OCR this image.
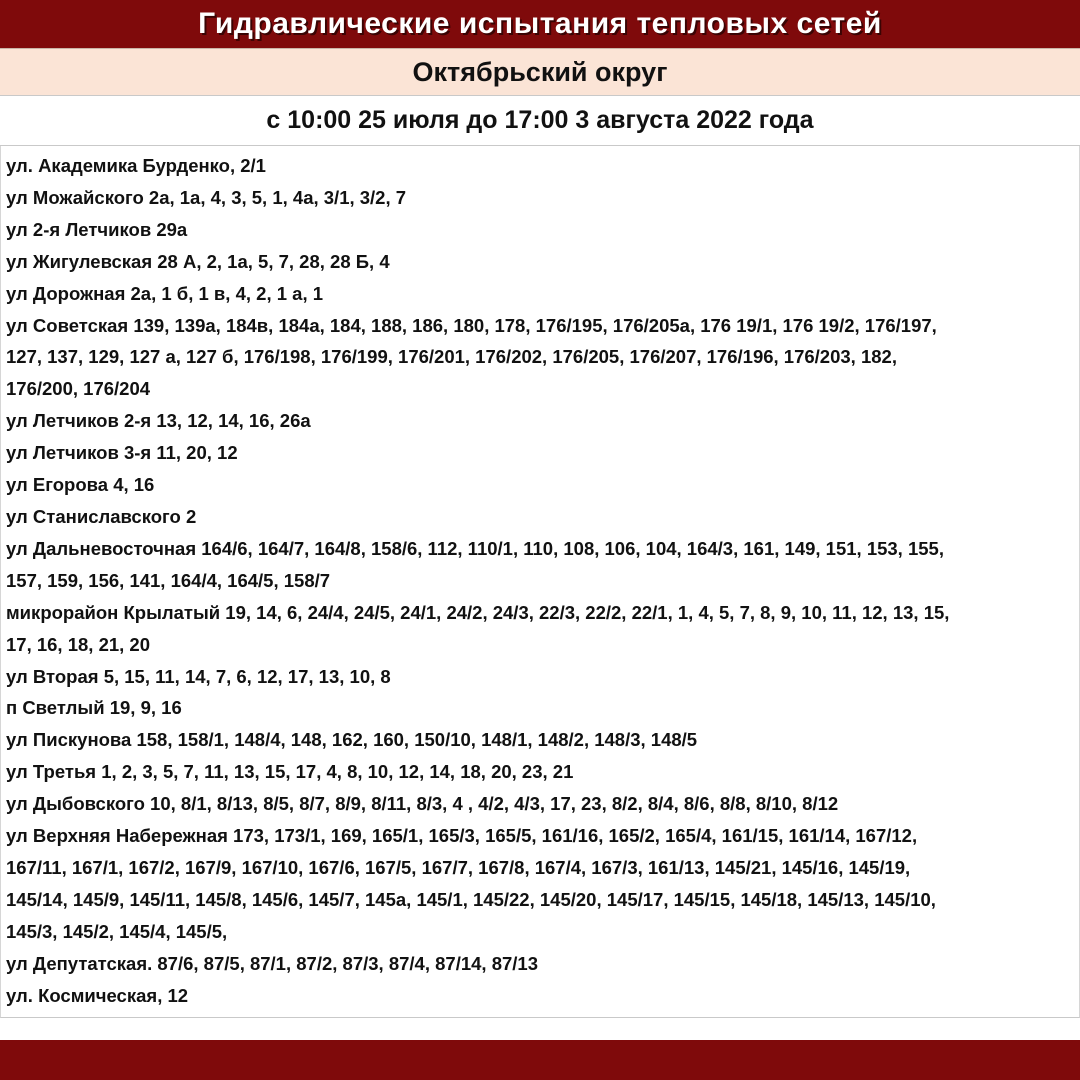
Гидравлические испытания тепловых сетей
Октябрьский округ
с 10:00 25 июля до 17:00 3 августа 2022 года
ул. Академика Бурденко, 2/1
ул Можайского 2а, 1а, 4, 3, 5, 1, 4а, 3/1, 3/2, 7
ул 2-я Летчиков 29а
ул Жигулевская 28 А, 2, 1а, 5, 7, 28, 28 Б, 4
ул Дорожная 2а, 1 б, 1 в, 4, 2, 1 а, 1
ул Советская 139, 139а, 184в, 184а, 184, 188, 186, 180, 178, 176/195, 176/205а, 176 19/1, 176 19/2, 176/197,
127, 137, 129, 127 а, 127 б, 176/198, 176/199, 176/201, 176/202, 176/205, 176/207, 176/196, 176/203, 182,
176/200, 176/204
ул Летчиков 2-я 13, 12, 14, 16, 26а
ул Летчиков 3-я 11, 20, 12
ул Егорова 4, 16
ул Станиславского 2
ул Дальневосточная 164/6, 164/7, 164/8, 158/6, 112, 110/1, 110, 108, 106, 104, 164/3, 161, 149, 151, 153, 155,
157, 159, 156, 141, 164/4, 164/5, 158/7
микрорайон Крылатый 19, 14, 6, 24/4, 24/5, 24/1, 24/2, 24/3, 22/3, 22/2, 22/1, 1, 4, 5, 7, 8, 9, 10, 11, 12, 13, 15,
17, 16, 18, 21, 20
ул Вторая 5, 15, 11, 14, 7, 6, 12, 17, 13, 10, 8
п Светлый 19, 9, 16
ул Пискунова 158, 158/1, 148/4, 148, 162, 160, 150/10, 148/1, 148/2, 148/3, 148/5
ул Третья 1, 2, 3, 5, 7, 11, 13, 15, 17, 4, 8, 10, 12, 14, 18, 20, 23, 21
ул Дыбовского 10, 8/1, 8/13, 8/5, 8/7, 8/9, 8/11, 8/3, 4 , 4/2, 4/3, 17, 23, 8/2, 8/4, 8/6, 8/8, 8/10, 8/12
ул Верхняя Набережная 173, 173/1, 169, 165/1, 165/3, 165/5, 161/16, 165/2, 165/4, 161/15, 161/14, 167/12,
167/11, 167/1, 167/2, 167/9, 167/10, 167/6, 167/5, 167/7, 167/8, 167/4, 167/3, 161/13, 145/21, 145/16, 145/19,
145/14, 145/9, 145/11, 145/8, 145/6, 145/7, 145а, 145/1, 145/22, 145/20, 145/17, 145/15, 145/18, 145/13, 145/10,
145/3, 145/2, 145/4, 145/5,
ул Депутатская. 87/6, 87/5, 87/1, 87/2, 87/3, 87/4, 87/14, 87/13
ул. Космическая, 12
